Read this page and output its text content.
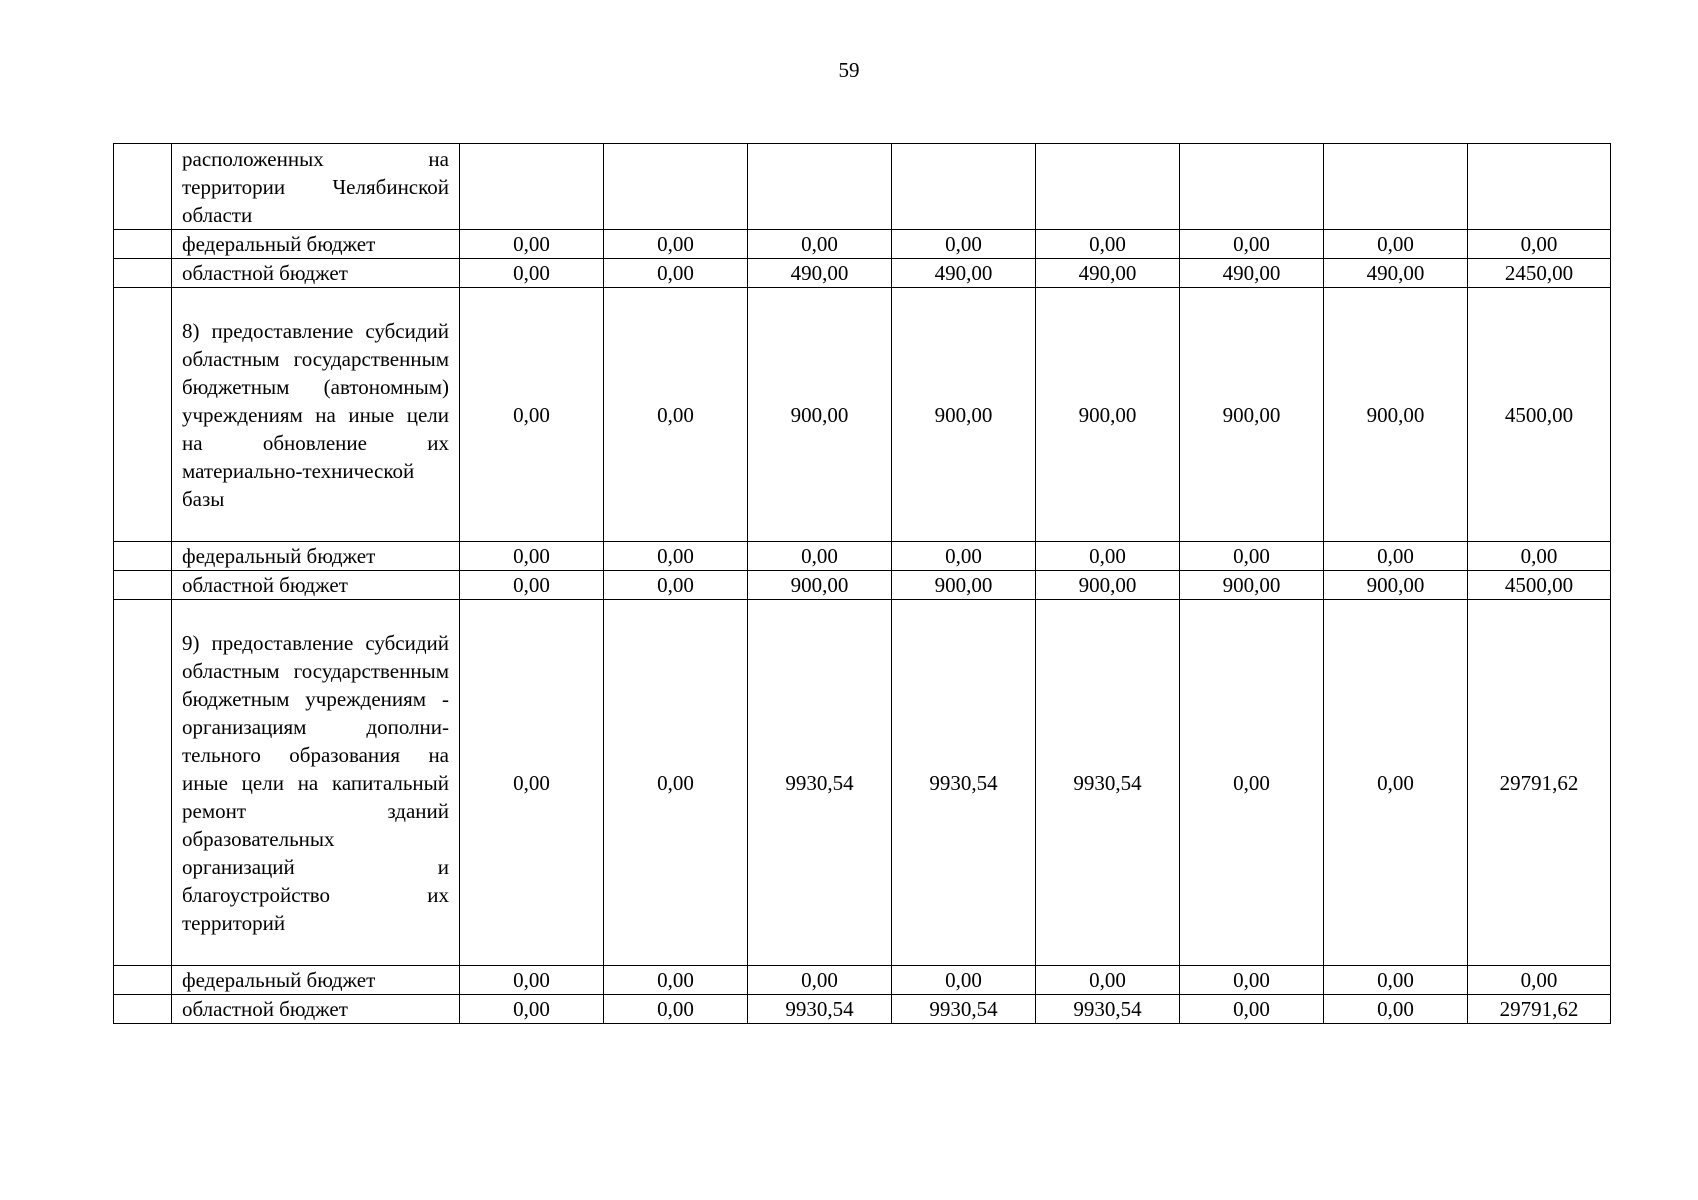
59

	расположенных на территории Челябинской области								

	федеральный бюджет	0,00	0,00	0,00	0,00	0,00	0,00	0,00	0,00
	областной бюджет	0,00	0,00	490,00	490,00	490,00	490,00	490,00	2450,00

	8) предоставление субсидий областным государственным бюджетным (автономным) учреждениям на иные цели на обновление их материально-технической базы	0,00	0,00	900,00	900,00	900,00	900,00	900,00	4500,00
	федеральный бюджет	0,00	0,00	0,00	0,00	0,00	0,00	0,00	0,00
	областной бюджет	0,00	0,00	900,00	900,00	900,00	900,00	900,00	4500,00

	9) предоставление субсидий областным государственным бюджетным учреждениям - организациям дополни-тельного образования на иные цели на капитальный ремонт зданий образовательных организаций и благоустройство их территорий	0,00	0,00	9930,54	9930,54	9930,54	0,00	0,00	29791,62
	федеральный бюджет	0,00	0,00	0,00	0,00	0,00	0,00	0,00	0,00
	областной бюджет	0,00	0,00	9930,54	9930,54	9930,54	0,00	0,00	29791,62
